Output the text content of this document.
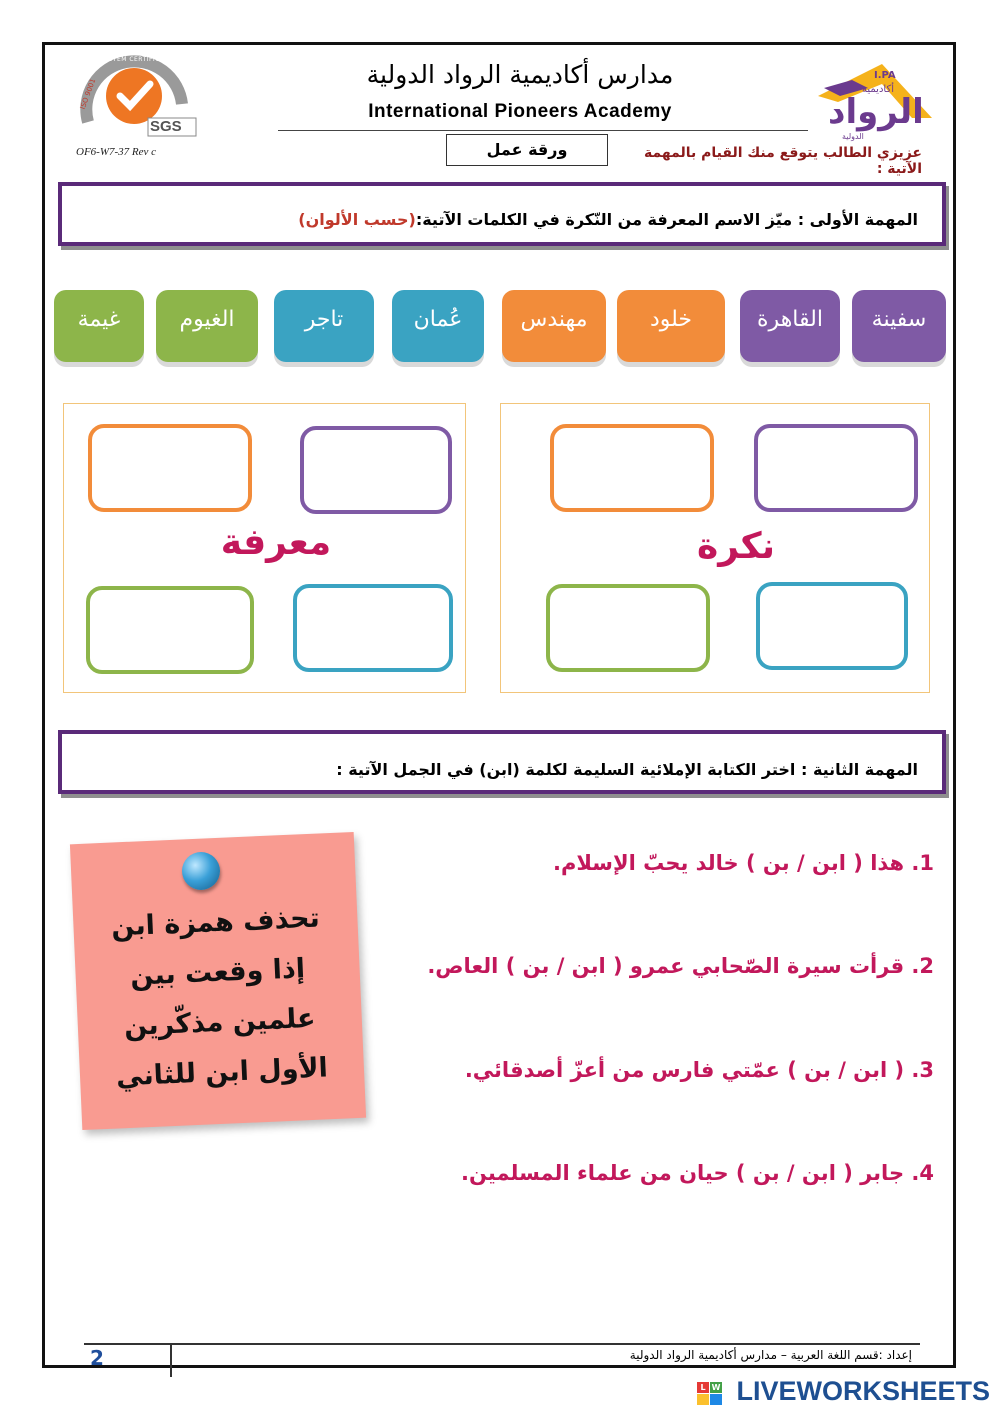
SGS
SYSTEM CERTIFICATION
ISO 9001
OF6-W7-37 Rev c
I.PA
أكاديمية
الرواد
الدولية
مدارس أكاديمية الرواد الدولية
International Pioneers Academy
ورقة عمل	عزيزي الطالب يتوقع منك القيام بالمهمة الآتية :
المهمة الأولى : ميّز الاسم المعرفة من النّكرة في الكلمات الآتية:(حسب الألوان)
سفينة
القاهرة
خلود
مهندس
عُمان
تاجر
الغيوم
غيمة
نكرة
معرفة
المهمة الثانية : اختر الكتابة الإملائية السليمة لكلمة (ابن) في الجمل الآتية :
1. هذا ( ابن / بن ) خالد يحبّ الإسلام.
2. قرأت سيرة الصّحابي عمرو ( ابن / بن ) العاص.
3. ( ابن / بن ) عمّتي فارس من أعزّ أصدقائي.
4. جابر ( ابن / بن ) حيان من علماء المسلمين.
تحذف همزة ابن
إذا وقعت بين
علمين مذكّرين
الأول ابن للثاني
إعداد :قسم اللغة العربية – مدارس أكاديمية الرواد الدولية
2
L W LIVEWORKSHEETS
